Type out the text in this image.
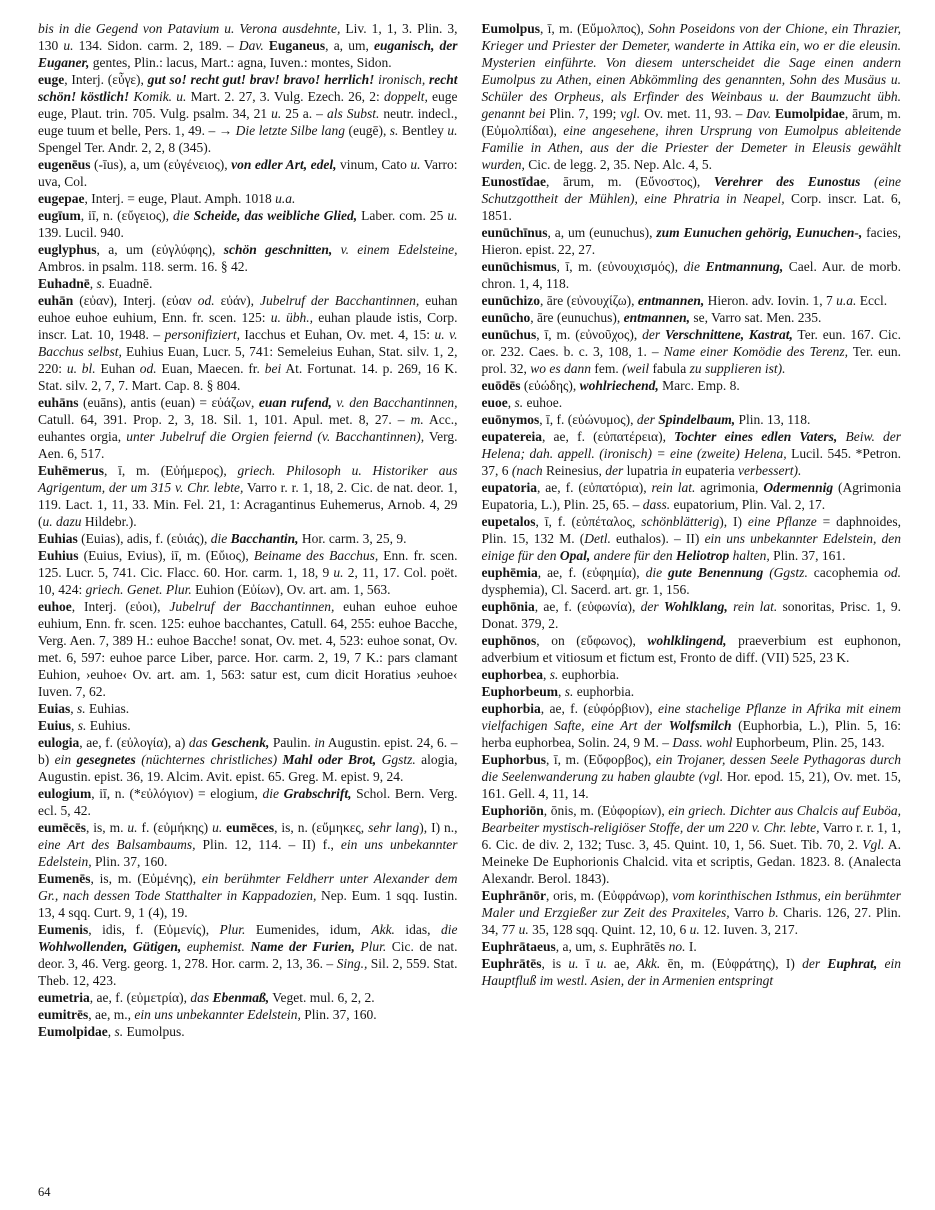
bis in die Gegend von Patavium u. Verona ausdehnte, Liv. 1, 1, 3. Plin. 3, 130 u. 134. Sidon. carm. 2, 189. – Dav. Euganeus, a, um, euganisch, der Euganer, gentes, Plin.: lacus, Mart.: agna, Iuven.: montes, Sidon.

euge, Interj. (εὖγε), gut so! recht gut! brav! bravo! herrlich! ironisch, recht schön! köstlich! Komik. u. Mart. 2. 27, 3. Vulg. Ezech. 26, 2: doppelt, euge euge, Plaut. trin. 705. Vulg. psalm. 34, 21 u. 25 a. – als Subst. neutr. indecl., euge tuum et belle, Pers. 1, 49. – → Die letzte Silbe lang (eugē), s. Bentley u. Spengel Ter. Andr. 2, 2, 8 (345).

eugenēus (-īus), a, um (εὐγένειος), von edler Art, edel, vinum, Cato u. Varro: uva, Col.

eugepae, Interj. = euge, Plaut. Amph. 1018 u.a.

eugīum, iī, n. (εὔγειος), die Scheide, das weibliche Glied, Laber. com. 25 u. 139. Lucil. 940.

euglyphus, a, um (εὐγλύφης), schön geschnitten, v. einem Edelsteine, Ambros. in psalm. 118. serm. 16. § 42.

Euhadnē, s. Euadnē.

euhān (εὐαν), Interj. (εὐαν od. εὐάν), Jubelruf der Bacchantinnen, euhan euhoe euhoe euhium, Enn. fr. scen. 125: u. übh., euhan plaude istis, Corp. inscr. Lat. 10, 1948. – personifiziert, Iacchus et Euhan, Ov. met. 4, 15: u. v. Bacchus selbst, Euhius Euan, Lucr. 5, 741: Semeleius Euhan, Stat. silv. 1, 2, 220: u. bl. Euhan od. Euan, Maecen. fr. bei At. Fortunat. 14. p. 269, 16 K. Stat. silv. 2, 7, 7. Mart. Cap. 8. § 804.

euhāns (euāns), antis (euan) = εὐάζων, euan rufend, v. den Bacchantinnen, Catull. 64, 391. Prop. 2, 3, 18. Sil. 1, 101. Apul. met. 8, 27. – m. Acc., euhantes orgia, unter Jubelruf die Orgien feiernd (v. Bacchantinnen), Verg. Aen. 6, 517.

Euhēmerus, ī, m. (Εὐήμερος), griech. Philosoph u. Historiker aus Agrigentum, der um 315 v. Chr. lebte, Varro r. r. 1, 18, 2. Cic. de nat. deor. 1, 119. Lact. 1, 11, 33. Min. Fel. 21, 1: Acragantinus Euhemerus, Arnob. 4, 29 (u. dazu Hildebr.).

Euhias (Euias), adis, f. (εὐιάς), die Bacchantin, Hor. carm. 3, 25, 9.

Euhius (Euius, Evius), iī, m. (Εὔιος), Beiname des Bacchus, Enn. fr. scen. 125. Lucr. 5, 741. Cic. Flacc. 60. Hor. carm. 1, 18, 9 u. 2, 11, 17. Col. poët. 10, 424: griech. Genet. Plur. Euhion (Εὐίων), Ov. art. am. 1, 563.

euhoe, Interj. (εὐοι), Jubelruf der Bacchantinnen, euhan euhoe euhoe euhium, Enn. fr. scen. 125: euhoe bacchantes, Catull. 64, 255: euhoe Bacche, Verg. Aen. 7, 389 H.: euhoe Bacche! sonat, Ov. met. 4, 523: euhoe sonat, Ov. met. 6, 597: euhoe parce Liber, parce. Hor. carm. 2, 19, 7 K.: pars clamant Euhion, ›euhoe‹ Ov. art. am. 1, 563: satur est, cum dicit Horatius ›euhoe‹ Iuven. 7, 62.

Euias, s. Euhias.

Euius, s. Euhius.

eulogia, ae, f. (εὐλογία), a) das Geschenk, Paulin. in Augustin. epist. 24, 6. – b) ein gesegnetes (nüchternes christliches) Mahl oder Brot, Ggstz. alogia, Augustin. epist. 36, 19. Alcim. Avit. epist. 65. Greg. M. epist. 9, 24.

eulogium, iī, n. (*εὐλόγιον) = elogium, die Grabschrift, Schol. Bern. Verg. ecl. 5, 42.

eumēcēs, is, m. u. f. (εὐμήκης) u. eumēces, is, n. (εὔμηκες, sehr lang), I) n., eine Art des Balsambaums, Plin. 12, 114. – II) f., ein uns unbekannter Edelstein, Plin. 37, 160.

Eumenēs, is, m. (Εὐμένης), ein berühmter Feldherr unter Alexander dem Gr., nach dessen Tode Statthalter in Kappadozien, Nep. Eum. 1 sqq. Iustin. 13, 4 sqq. Curt. 9, 1 (4), 19.

Eumenis, idis, f. (Εὐμενίς), Plur. Eumenides, idum, Akk. idas, die Wohlwollenden, Gütigen, euphemist. Name der Furien, Plur. Cic. de nat. deor. 3, 46. Verg. georg. 1, 278. Hor. carm. 2, 13, 36. – Sing., Sil. 2, 559. Stat. Theb. 12, 423.

eumetria, ae, f. (εὐμετρία), das Ebenmaß, Veget. mul. 6, 2, 2.

eumitrēs, ae, m., ein uns unbekannter Edelstein, Plin. 37, 160.

Eumolpidae, s. Eumolpus.

Eumolpus, ī, m. (Εὔμολπος), Sohn Poseidons von der Chione, ein Thrazier, Krieger und Priester der Demeter, wanderte in Attika ein, wo er die eleusin. Mysterien einführte. Von diesem unterscheidet die Sage einen andern Eumolpus zu Athen, einen Abkömmling des genannten, Sohn des Musäus u. Schüler des Orpheus, als Erfinder des Weinbaus u. der Baumzucht übh. genannt bei Plin. 7, 199; vgl. Ov. met. 11, 93. – Dav. Eumolpidae, ārum, m. (Εὐμολπίδαι), eine angesehene, ihren Ursprung von Eumolpus ableitende Familie in Athen, aus der die Priester der Demeter in Eleusis gewählt wurden, Cic. de legg. 2, 35. Nep. Alc. 4, 5.

Eunostīdae, ārum, m. (Εὔνοστος), Verehrer des Eunostus (eine Schutzgottheit der Mühlen), eine Phratria in Neapel, Corp. inscr. Lat. 6, 1851.

eunūchīnus, a, um (eunuchus), zum Eunuchen gehörig, Eunuchen-, facies, Hieron. epist. 22, 27.

eunūchismus, ī, m. (εὐνουχισμός), die Entmannung, Cael. Aur. de morb. chron. 1, 4, 118.

eunūchizo, āre (εὐνουχίζω), entmannen, Hieron. adv. Iovin. 1, 7 u.a. Eccl.

eunūcho, āre (eunuchus), entmannen, se, Varro sat. Men. 235.

eunūchus, ī, m. (εὐνοῦχος), der Verschnittene, Kastrat, Ter. eun. 167. Cic. or. 232. Caes. b. c. 3, 108, 1. – Name einer Komödie des Terenz, Ter. eun. prol. 32, wo es dann fem. (weil fabula zu supplieren ist).

euōdēs (εὐώδης), wohlriechend, Marc. Emp. 8.

euoe, s. euhoe.

euōnymos, ī, f. (εὐώνυμος), der Spindelbaum, Plin. 13, 118.

eupatereia, ae, f. (εὐπατέρεια), Tochter eines edlen Vaters, Beiw. der Helena; dah. appell. (ironisch) = eine (zweite) Helena, Lucil. 545. *Petron. 37, 6 (nach Reinesius, der lupatria in eupateria verbessert).

eupatoria, ae, f. (εὐπατόρια), rein lat. agrimonia, Odermennig (Agrimonia Eupatoria, L.), Plin. 25, 65. – dass. eupatorium, Plin. Val. 2, 17.

eupetalos, ī, f. (εὐπέταλος, schönblätterig), I) eine Pflanze = daphnoides, Plin. 15, 132 M. (Detl. euthalos). – II) ein uns unbekannter Edelstein, den einige für den Opal, andere für den Heliotrop halten, Plin. 37, 161.

euphēmia, ae, f. (εὐφημία), die gute Benennung (Ggstz. cacophemia od. dysphemia), Cl. Sacerd. art. gr. 1, 156.

euphōnia, ae, f. (εὐφωνία), der Wohlklang, rein lat. sonoritas, Prisc. 1, 9. Donat. 379, 2.

euphōnos, on (εὔφωνος), wohlklingend, praeverbium est euphonon, adverbium et vitiosum et fictum est, Fronto de diff. (VII) 525, 23 K.

euphorbea, s. euphorbia.

Euphorbeum, s. euphorbia.

euphorbia, ae, f. (εὐφόρβιον), eine stachelige Pflanze in Afrika mit einem vielfachigen Safte, eine Art der Wolfsmilch (Euphorbia, L.), Plin. 5, 16: herba euphorbea, Solin. 24, 9 M. – Dass. wohl Euphorbeum, Plin. 25, 143.

Euphorbus, ī, m. (Εὔφορβος), ein Trojaner, dessen Seele Pythagoras durch die Seelenwanderung zu haben glaubte (vgl. Hor. epod. 15, 21), Ov. met. 15, 161. Gell. 4, 11, 14.

Euphoriōn, ōnis, m. (Εὐφορίων), ein griech. Dichter aus Chalcis auf Euböa, Bearbeiter mystisch-religiöser Stoffe, der um 220 v. Chr. lebte, Varro r. r. 1, 1, 6. Cic. de div. 2, 132; Tusc. 3, 45. Quint. 10, 1, 56. Suet. Tib. 70, 2. Vgl. A. Meineke De Euphorionis Chalcid. vita et scriptis, Gedan. 1823. 8. (Analecta Alexandr. Berol. 1843).

Euphrānōr, oris, m. (Εὐφράνωρ), vom korinthischen Isthmus, ein berühmter Maler und Erzgießer zur Zeit des Praxiteles, Varro b. Charis. 126, 27. Plin. 34, 77 u. 35, 128 sqq. Quint. 12, 10, 6 u. 12. Iuven. 3, 217.

Euphrātaeus, a, um, s. Euphrātēs no. I.

Euphrātēs, is u. ī u. ae, Akk. ēn, m. (Εὐφράτης), I) der Euphrat, ein Hauptfluß im westl. Asien, der in Armenien entspringt

64
